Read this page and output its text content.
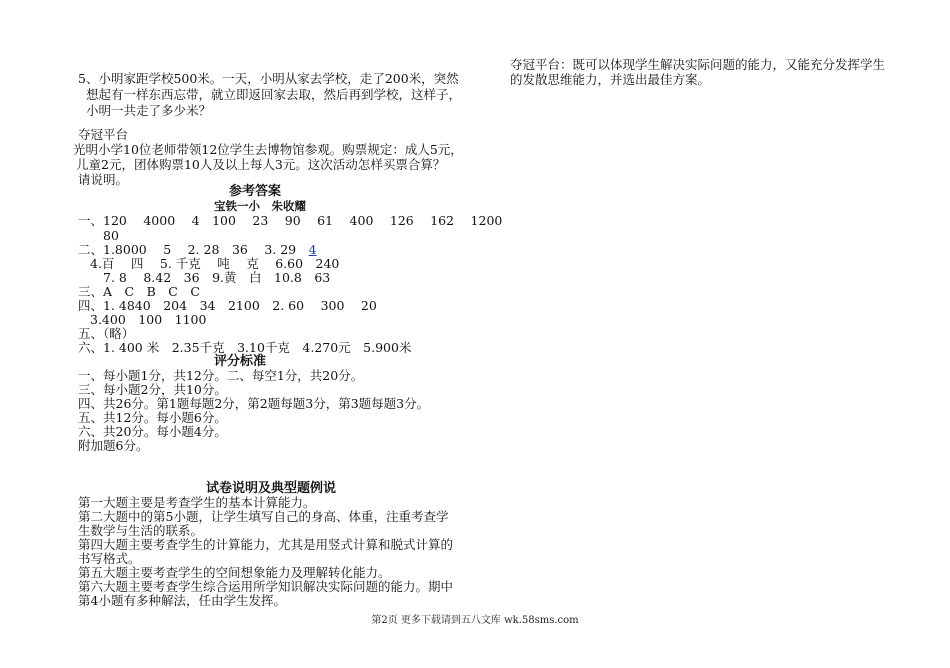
5、小明家距学校500米。一天，小明从家去学校，走了200米，突然
想起有一样东西忘带，就立即返回家去取，然后再到学校，这样子，
小明一共走了多少米？
夺冠平台
光明小学10位老师带领12位学生去博物馆参观。购票规定：成人5元，
儿童2元，团体购票10人及以上每人3元。这次活动怎样买票合算？
请说明。
参考答案
宝铁一小　朱收耀
一、120　 4000　 4　100　 23　 90　 61　 400　 126　 162　 1200
80
二、1.8000　 5　 2. 28　36　 3. 29　4
4.百　 四　 5. 千克　 吨　 克　 6.60　240
7. 8　 8.42　36　9.黄　白　10.8　63
三、A　C　B　C　C
四、1. 4840　204　34　2100　2. 60　 300　 20
3.400　100　1100
五、（略）
六、1. 400 米　2.35千克　3.10千克　4.270元　5.900米
评分标准
一、每小题1分，共12分。二、每空1分，共20分。
三、每小题2分，共10分。
四、共26分。第1题每题2分，第2题每题3分，第3题每题3分。
五、共12分。每小题6分。
六、共20分。每小题4分。
附加题6分。
试卷说明及典型题例说
第一大题主要是考查学生的基本计算能力。
第二大题中的第5小题，让学生填写自己的身高、体重，注重考查学
生数学与生活的联系。
第四大题主要考查学生的计算能力，尤其是用竖式计算和脱式计算的
书写格式。
第五大题主要考查学生的空间想象能力及理解转化能力。
第六大题主要考查学生综合运用所学知识解决实际问题的能力。期中
第4小题有多种解法，任由学生发挥。
夺冠平台：既可以体现学生解决实际问题的能力，又能充分发挥学生
的发散思维能力，并选出最佳方案。
第2页 更多下载请到五八文库 wk.58sms.com
